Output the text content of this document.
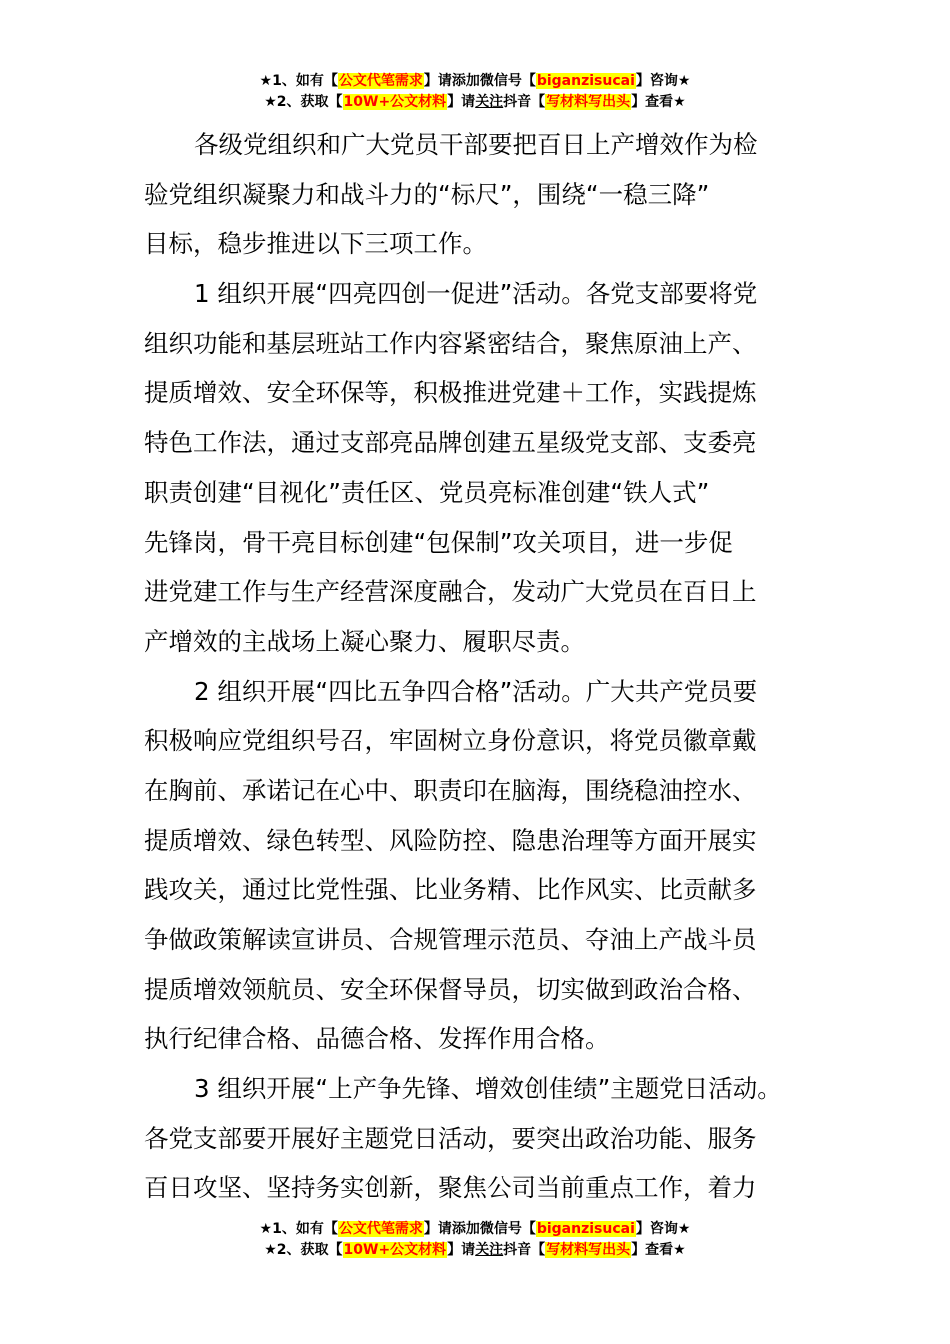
★1、如有【公文代笔需求】请添加微信号【biganzisucai】咨询★
★2、获取【10W+公文材料】请关注抖音【写材料写出头】查看★
各级党组织和广大党员干部要把百日上产增效作为检
验党组织凝聚力和战斗力的“标尺”，围绕“一稳三降”
目标，稳步推进以下三项工作。
1 组织开展“四亮四创一促进”活动。各党支部要将党
组织功能和基层班站工作内容紧密结合，聚焦原油上产、
提质增效、安全环保等，积极推进党建＋工作，实践提炼
特色工作法，通过支部亮品牌创建五星级党支部、支委亮
职责创建“目视化”责任区、党员亮标准创建“铁人式”
先锋岗，骨干亮目标创建“包保制”攻关项目，进一步促
进党建工作与生产经营深度融合，发动广大党员在百日上
产增效的主战场上凝心聚力、履职尽责。
2 组织开展“四比五争四合格”活动。广大共产党员要
积极响应党组织号召，牢固树立身份意识，将党员徽章戴
在胸前、承诺记在心中、职责印在脑海，围绕稳油控水、
提质增效、绿色转型、风险防控、隐患治理等方面开展实
践攻关，通过比党性强、比业务精、比作风实、比贡献多
争做政策解读宣讲员、合规管理示范员、夺油上产战斗员
提质增效领航员、安全环保督导员，切实做到政治合格、
执行纪律合格、品德合格、发挥作用合格。
3 组织开展“上产争先锋、增效创佳绩”主题党日活动。
各党支部要开展好主题党日活动，要突出政治功能、服务
百日攻坚、坚持务实创新，聚焦公司当前重点工作，着力
★1、如有【公文代笔需求】请添加微信号【biganzisucai】咨询★
★2、获取【10W+公文材料】请关注抖音【写材料写出头】查看★
